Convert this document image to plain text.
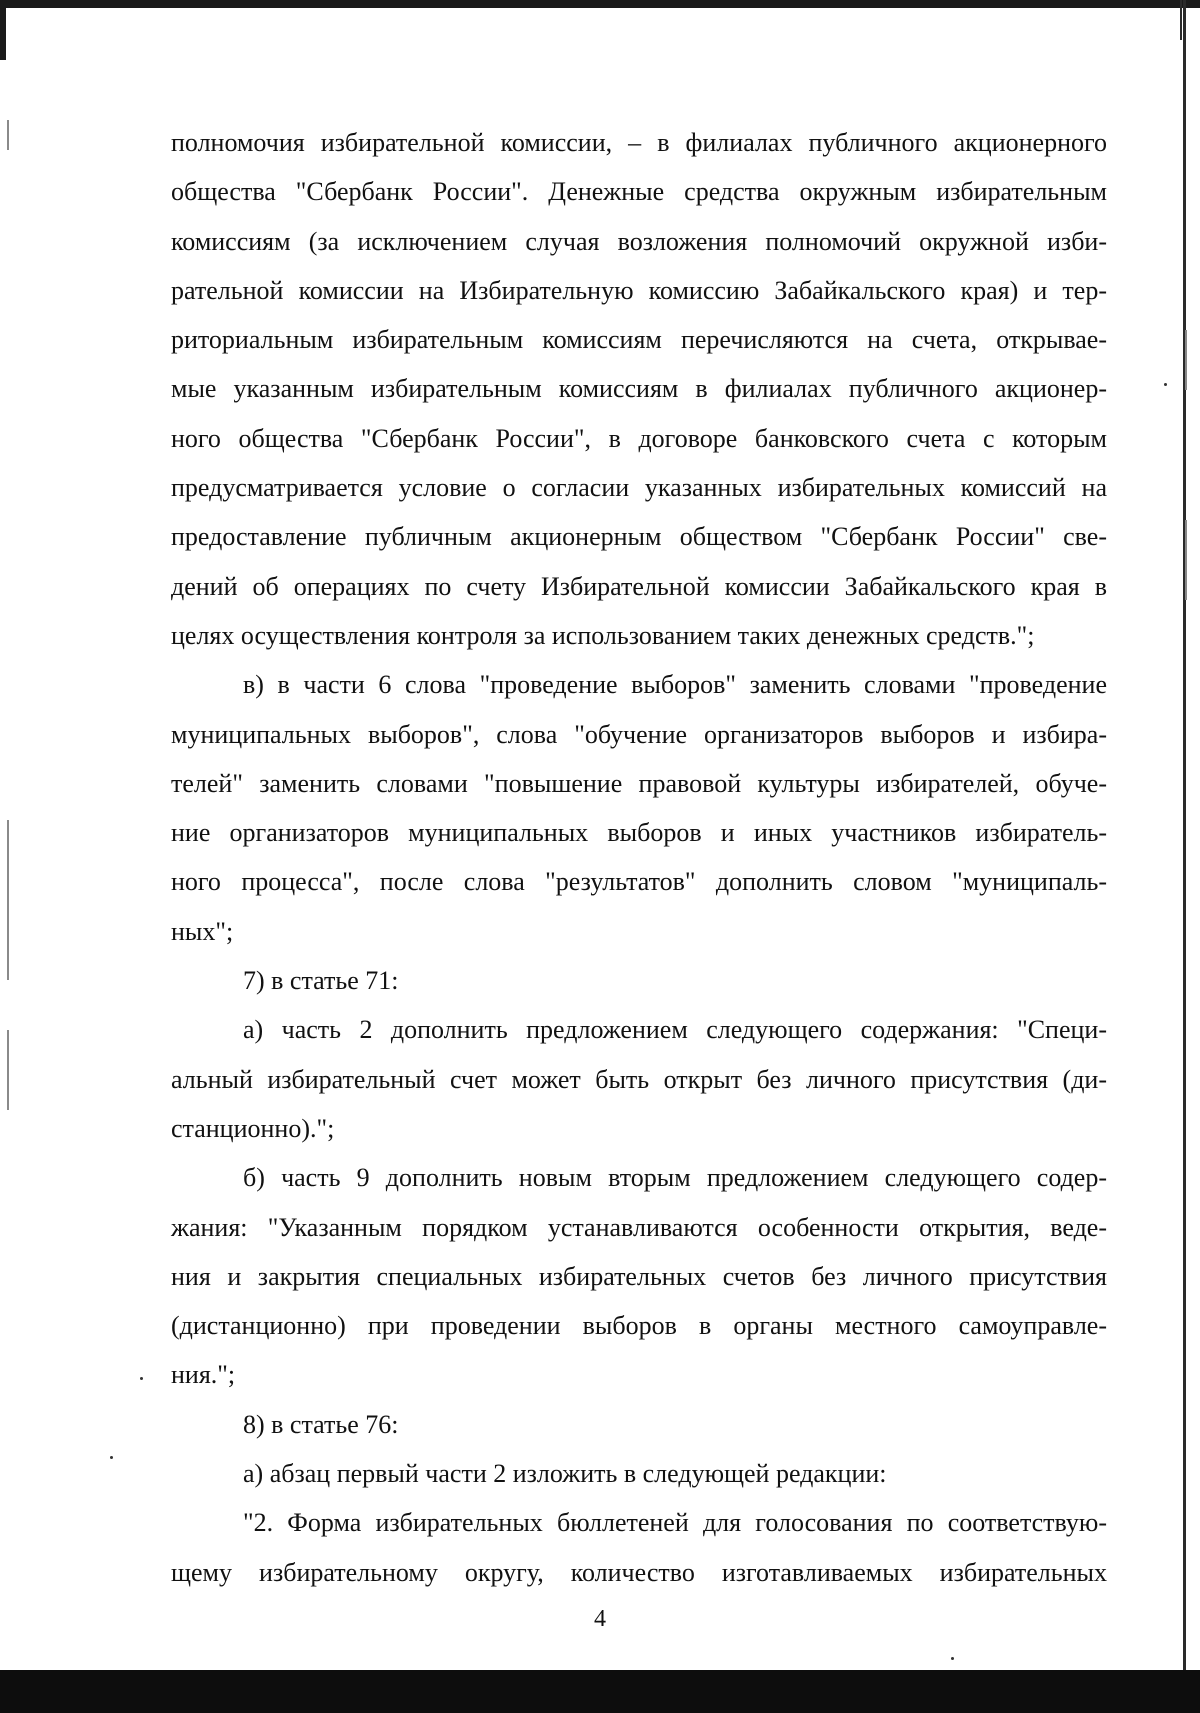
полномочия избирательной комиссии, – в филиалах публичного акционерного
общества "Сбербанк России". Денежные средства окружным избирательным
комиссиям (за исключением случая возложения полномочий окружной изби-
рательной комиссии на Избирательную комиссию Забайкальского края) и тер-
риториальным избирательным комиссиям перечисляются на счета, открывае-
мые указанным избирательным комиссиям в филиалах публичного акционер-
ного общества "Сбербанк России", в договоре банковского счета с которым
предусматривается условие о согласии указанных избирательных комиссий на
предоставление публичным акционерным обществом "Сбербанк России" све-
дений об операциях по счету Избирательной комиссии Забайкальского края в
целях осуществления контроля за использованием таких денежных средств.";
в) в части 6 слова "проведение выборов" заменить словами "проведение
муниципальных выборов", слова "обучение организаторов выборов и избира-
телей" заменить словами "повышение правовой культуры избирателей, обуче-
ние организаторов муниципальных выборов и иных участников избиратель-
ного процесса", после слова "результатов" дополнить словом "муниципаль-
ных";
7) в статье 71:
а) часть 2 дополнить предложением следующего содержания: "Специ-
альный избирательный счет может быть открыт без личного присутствия (ди-
станционно).";
б) часть 9 дополнить новым вторым предложением следующего содер-
жания: "Указанным порядком устанавливаются особенности открытия, веде-
ния и закрытия специальных избирательных счетов без личного присутствия
(дистанционно) при проведении выборов в органы местного самоуправле-
ния.";
8) в статье 76:
а) абзац первый части 2 изложить в следующей редакции:
"2. Форма избирательных бюллетеней для голосования по соответствую-
щему избирательному округу, количество изготавливаемых избирательных
4
